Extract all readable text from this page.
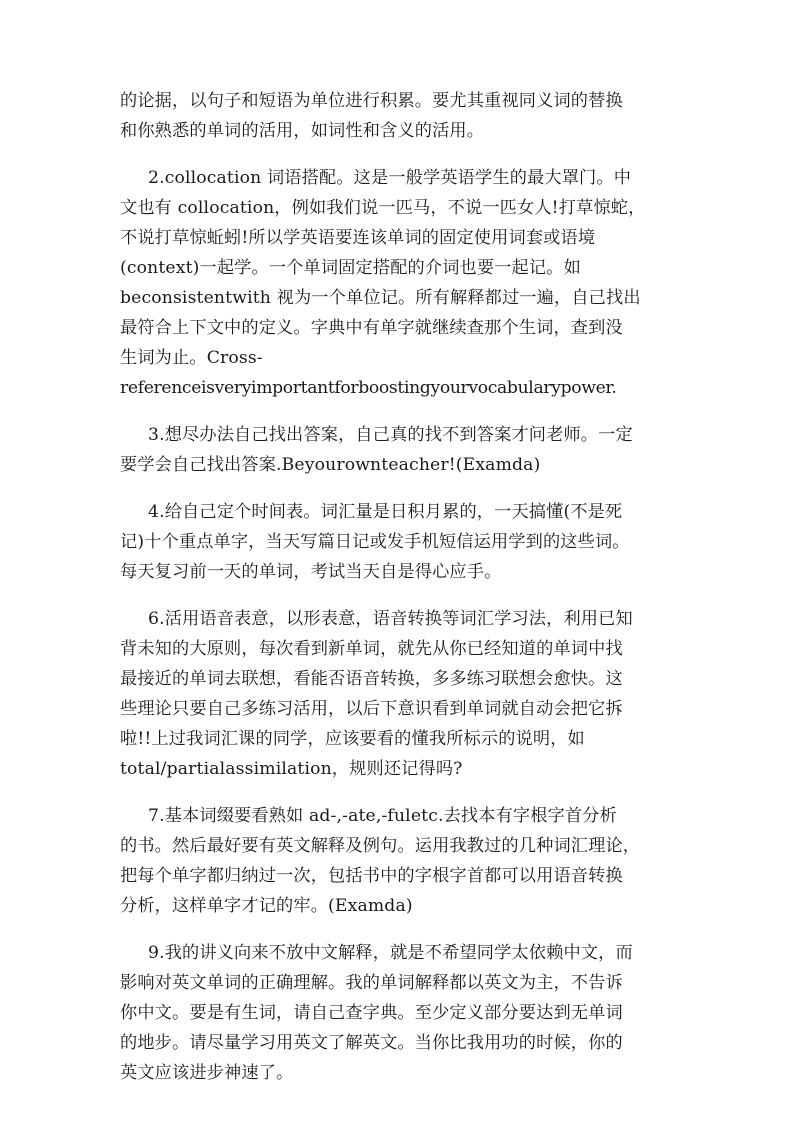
的论据，以句子和短语为单位进行积累。要尤其重视同义词的替换
和你熟悉的单词的活用，如词性和含义的活用。
2.collocation 词语搭配。这是一般学英语学生的最大罩门。中
文也有 collocation，例如我们说一匹马，不说一匹女人!打草惊蛇，
不说打草惊蚯蚓!所以学英语要连该单词的固定使用词套或语境
(context)一起学。一个单词固定搭配的介词也要一起记。如
beconsistentwith 视为一个单位记。所有解释都过一遍，自己找出
最符合上下文中的定义。字典中有单字就继续查那个生词，查到没
生词为止。Cross-
referenceisveryimportantforboostingyourvocabularypower.
3.想尽办法自己找出答案，自己真的找不到答案才问老师。一定
要学会自己找出答案.Beyourownteacher!(Examda)
4.给自己定个时间表。词汇量是日积月累的，一天搞懂(不是死
记)十个重点单字，当天写篇日记或发手机短信运用学到的这些词。
每天复习前一天的单词，考试当天自是得心应手。
6.活用语音表意，以形表意，语音转换等词汇学习法，利用已知
背未知的大原则，每次看到新单词，就先从你已经知道的单词中找
最接近的单词去联想，看能否语音转换，多多练习联想会愈快。这
些理论只要自己多练习活用，以后下意识看到单词就自动会把它拆
啦!!上过我词汇课的同学，应该要看的懂我所标示的说明，如
total/partialassimilation，规则还记得吗?
7.基本词缀要看熟如 ad-,-ate,-fuletc.去找本有字根字首分析
的书。然后最好要有英文解释及例句。运用我教过的几种词汇理论，
把每个单字都归纳过一次，包括书中的字根字首都可以用语音转换
分析，这样单字才记的牢。(Examda)
9.我的讲义向来不放中文解释，就是不希望同学太依赖中文，而
影响对英文单词的正确理解。我的单词解释都以英文为主，不告诉
你中文。要是有生词，请自己查字典。至少定义部分要达到无单词
的地步。请尽量学习用英文了解英文。当你比我用功的时候，你的
英文应该进步神速了。
